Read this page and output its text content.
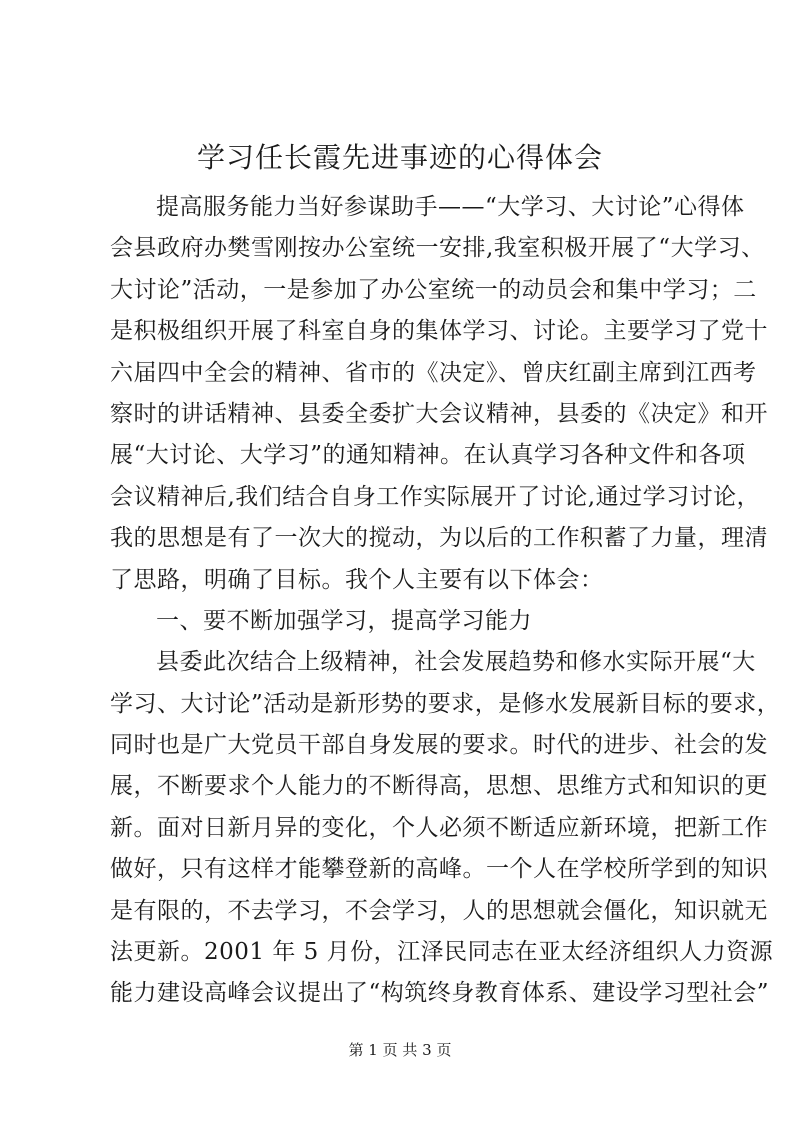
学习任长霞先进事迹的心得体会
提高服务能力当好参谋助手——“大学习、大讨论”心得体
会县政府办樊雪刚按办公室统一安排,我室积极开展了“大学习、
大讨论”活动，一是参加了办公室统一的动员会和集中学习；二
是积极组织开展了科室自身的集体学习、讨论。主要学习了党十
六届四中全会的精神、省市的《决定》、曾庆红副主席到江西考
察时的讲话精神、县委全委扩大会议精神，县委的《决定》和开
展“大讨论、大学习”的通知精神。在认真学习各种文件和各项
会议精神后,我们结合自身工作实际展开了讨论,通过学习讨论，
我的思想是有了一次大的搅动，为以后的工作积蓄了力量，理清
了思路，明确了目标。我个人主要有以下体会：
一、要不断加强学习，提高学习能力
县委此次结合上级精神，社会发展趋势和修水实际开展“大
学习、大讨论”活动是新形势的要求，是修水发展新目标的要求，
同时也是广大党员干部自身发展的要求。时代的进步、社会的发
展，不断要求个人能力的不断得高，思想、思维方式和知识的更
新。面对日新月异的变化，个人必须不断适应新环境，把新工作
做好，只有这样才能攀登新的高峰。一个人在学校所学到的知识
是有限的，不去学习，不会学习，人的思想就会僵化，知识就无
法更新。2001 年 5 月份，江泽民同志在亚太经济组织人力资源
能力建设高峰会议提出了“构筑终身教育体系、建设学习型社会”
第 1 页 共 3 页
